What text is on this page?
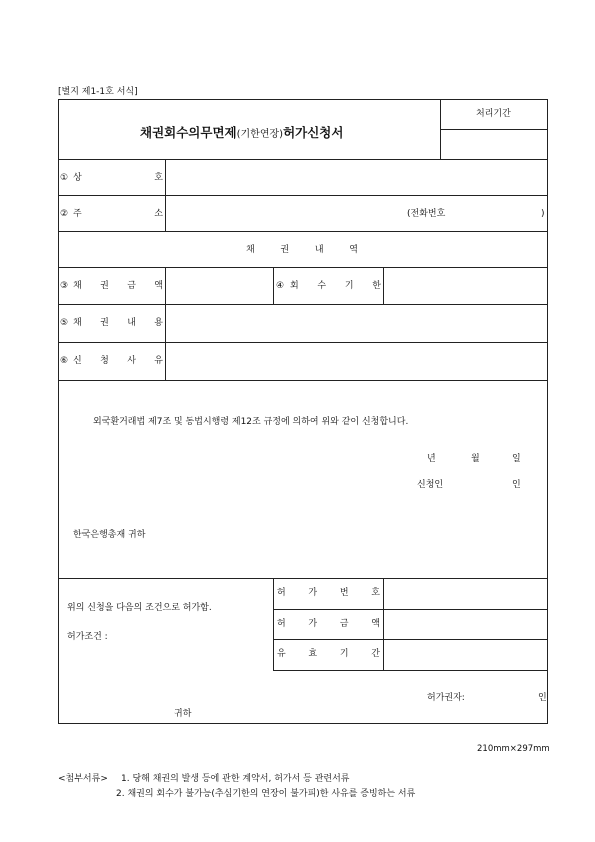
[별지 제1-1호 서식]
채권회수의무면제(기한연장)허가신청서
처리기간
① 상	호
② 주	소	(전화번호	)
채	권	내	역
③ 채 권 금 액	④ 회 수 기 한
⑤ 채 권 내 용
⑥ 신 청 사 유
외국환거래법 제7조 및 동법시행령 제12조 규정에 의하여 위와 같이 신청합니다.
년	월	일
신청인	인
한국은행총재 귀하
위의 신청을 다음의 조건으로 허가함.
허가조건 :
허	가	번	호
허	가	금	액
유	효	기	간
허가권자:	인
귀하
210mm×297mm
<첨부서류> 1. 당해 채권의 발생 등에 관한 계약서, 허가서 등 관련서류
2. 채권의 회수가 불가능(추심기한의 연장이 불가피)한 사유를 증빙하는 서류
